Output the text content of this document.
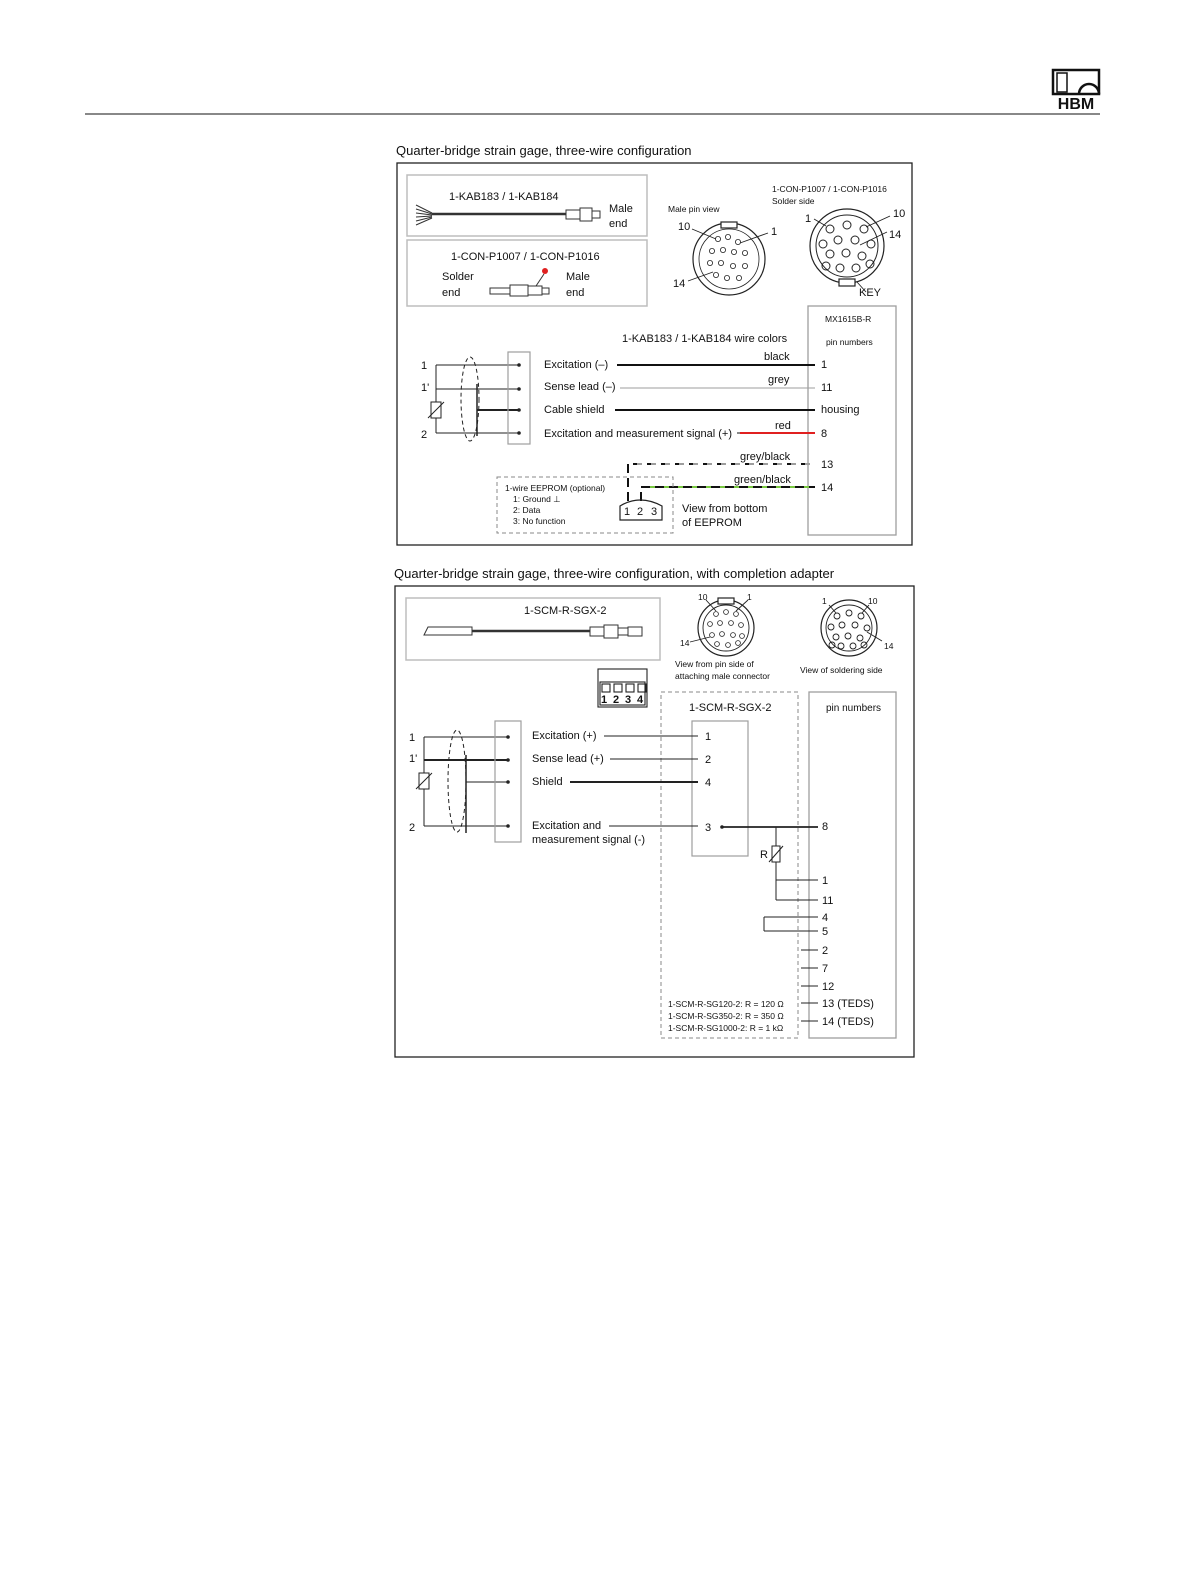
HBM
Quarter-bridge strain gage, three-wire configuration
1-KAB183 / 1-KAB184
Male
end
1-CON-P1007 / 1-CON-P1016
Solder
end
Male
end
Male pin view
10	1
14
1-CON-P1007 / 1-CON-P1016
Solder side
1	10
14
KEY
MX1615B-R
pin numbers
1-KAB183 / 1-KAB184 wire colors
1
1'
2
Excitation (–)
Sense lead (–)
Cable shield
Excitation and measurement signal (+)
black
grey
red
grey/black
green/black
1
11
housing
8
13
14
1-wire EEPROM (optional)
1: Ground ⊥
2: Data
3: No function
1 2 3 View from bottom
of EEPROM
Quarter-bridge strain gage, three-wire configuration, with completion adapter
1-SCM-R-SGX-2
10	1
14
View from pin side of
attaching male connector
1	10
14
View of soldering side
1 2 3 4
1-SCM-R-SGX-2	pin numbers
1
1'
2
Excitation (+)
Sense lead (+)
Shield
Excitation and
measurement signal (-)
1
2
4
3
R
8
1
11
4
5
2
7
12
13 (TEDS)
14 (TEDS)
1-SCM-R-SG120-2: R = 120 Ω
1-SCM-R-SG350-2: R = 350 Ω
1-SCM-R-SG1000-2: R = 1 kΩ
